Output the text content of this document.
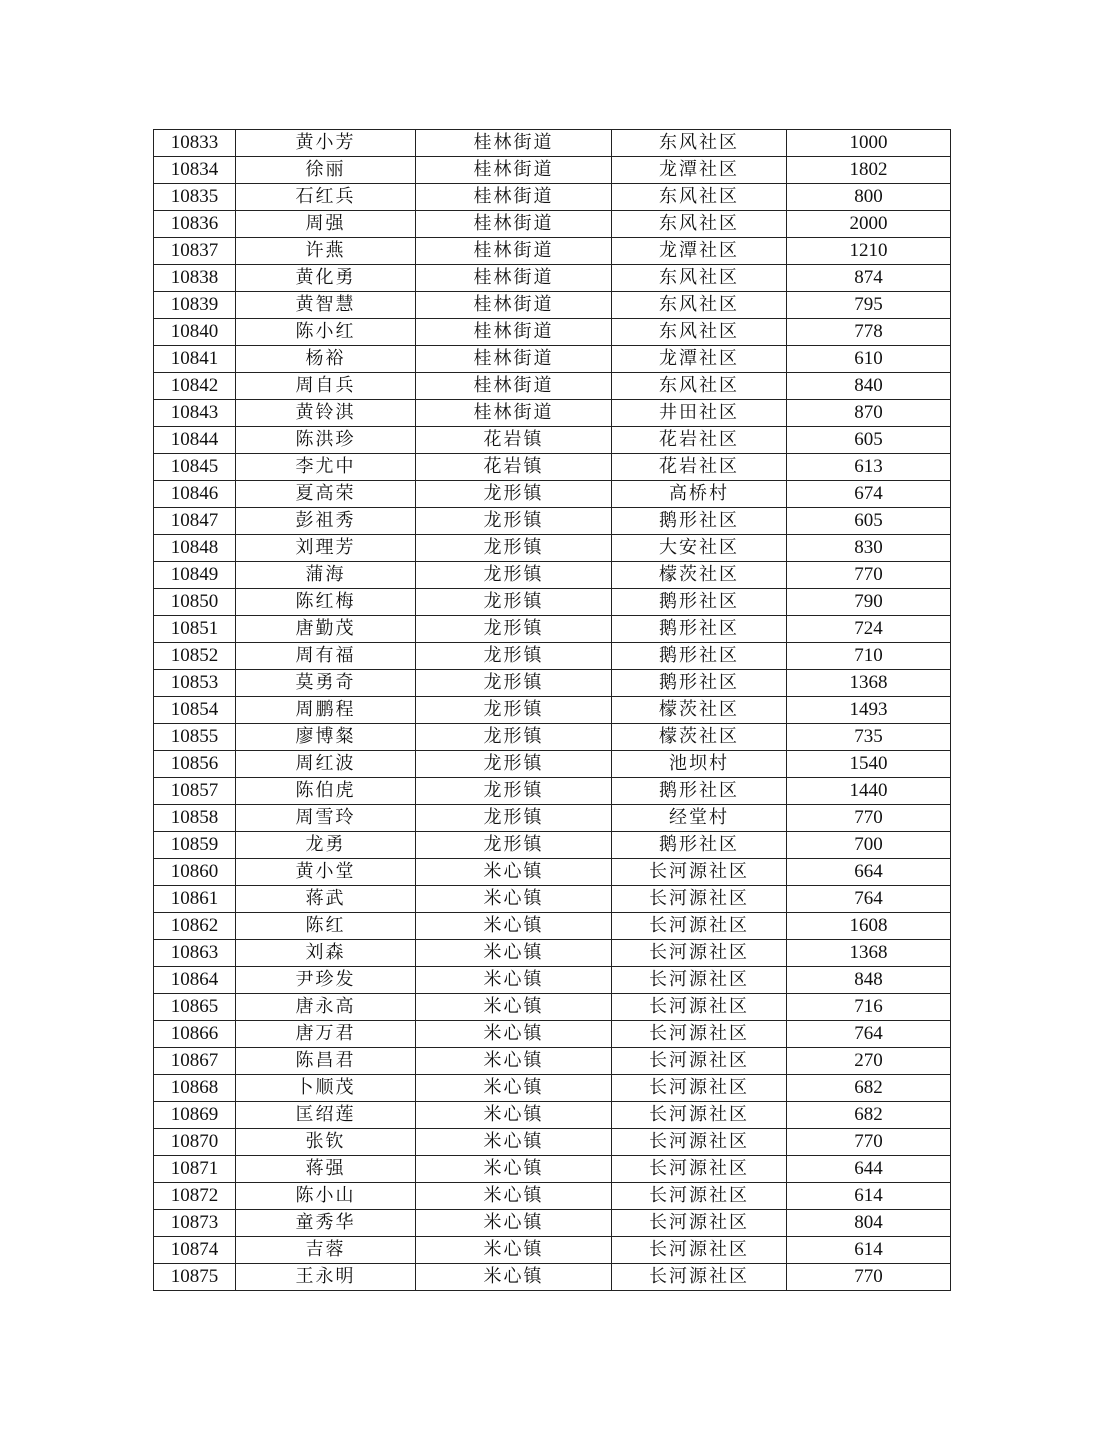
10833	黄小芳	桂林街道	东风社区	1000
10834	徐丽	桂林街道	龙潭社区	1802
10835	石红兵	桂林街道	东风社区	800
10836	周强	桂林街道	东风社区	2000
10837	许燕	桂林街道	龙潭社区	1210
10838	黄化勇	桂林街道	东风社区	874
10839	黄智慧	桂林街道	东风社区	795
10840	陈小红	桂林街道	东风社区	778
10841	杨裕	桂林街道	龙潭社区	610
10842	周自兵	桂林街道	东风社区	840
10843	黄铃淇	桂林街道	井田社区	870
10844	陈洪珍	花岩镇	花岩社区	605
10845	李尤中	花岩镇	花岩社区	613
10846	夏高荣	龙形镇	高桥村	674
10847	彭祖秀	龙形镇	鹅形社区	605
10848	刘理芳	龙形镇	大安社区	830
10849	蒲海	龙形镇	檬茨社区	770
10850	陈红梅	龙形镇	鹅形社区	790
10851	唐勤茂	龙形镇	鹅形社区	724
10852	周有福	龙形镇	鹅形社区	710
10853	莫勇奇	龙形镇	鹅形社区	1368
10854	周鹏程	龙形镇	檬茨社区	1493
10855	廖博粲	龙形镇	檬茨社区	735
10856	周红波	龙形镇	池坝村	1540
10857	陈伯虎	龙形镇	鹅形社区	1440
10858	周雪玲	龙形镇	经堂村	770
10859	龙勇	龙形镇	鹅形社区	700
10860	黄小堂	米心镇	长河源社区	664
10861	蒋武	米心镇	长河源社区	764
10862	陈红	米心镇	长河源社区	1608
10863	刘森	米心镇	长河源社区	1368
10864	尹珍发	米心镇	长河源社区	848
10865	唐永高	米心镇	长河源社区	716
10866	唐万君	米心镇	长河源社区	764
10867	陈昌君	米心镇	长河源社区	270
10868	卜顺茂	米心镇	长河源社区	682
10869	匡绍莲	米心镇	长河源社区	682
10870	张钦	米心镇	长河源社区	770
10871	蒋强	米心镇	长河源社区	644
10872	陈小山	米心镇	长河源社区	614
10873	童秀华	米心镇	长河源社区	804
10874	吉蓉	米心镇	长河源社区	614
10875	王永明	米心镇	长河源社区	770
